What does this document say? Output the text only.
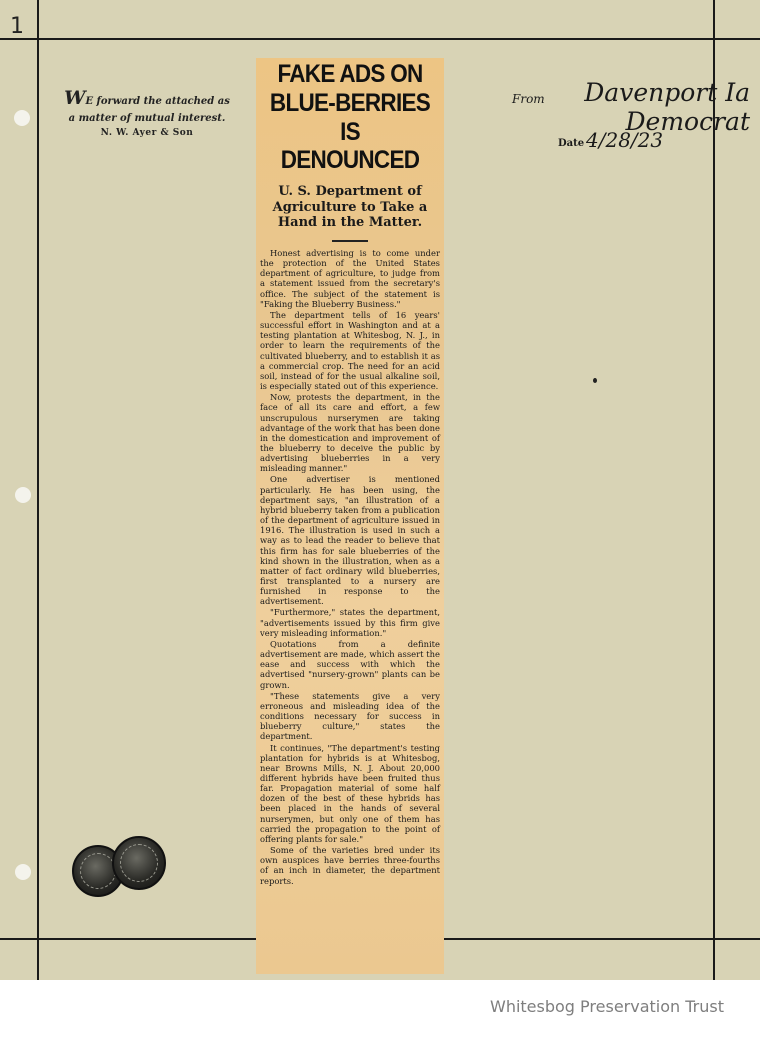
1
WE forward the attached as
a matter of mutual interest.
N. W. Ayer & Son
From	Davenport Ia Democrat
Date 4/28/23
FAKE ADS ON
BLUE-BERRIES
IS DENOUNCED
U. S. Department of Agriculture to Take a Hand in the Matter.

Honest advertising is to come under the protection of the United States department of agriculture, to judge from a statement issued from the secretary's office. The subject of the statement is "Faking the Blueberry Business."

The department tells of 16 years' successful effort in Washington and at a testing plantation at Whitesbog, N. J., in order to learn the requirements of the cultivated blueberry, and to establish it as a commercial crop. The need for an acid soil, instead of for the usual alkaline soil, is especially stated out of this experience.

Now, protests the department, in the face of all its care and effort, a few unscrupulous nurserymen are taking advantage of the work that has been done in the domestication and improvement of the blueberry to deceive the public by advertising blueberries in a very misleading manner."

One advertiser is mentioned particularly. He has been using, the department says, "an illustration of a hybrid blueberry taken from a publication of the department of agriculture issued in 1916. The illustration is used in such a way as to lead the reader to believe that this firm has for sale blueberries of the kind shown in the illustration, when as a matter of fact ordinary wild blueberries, first transplanted to a nursery are furnished in response to the advertisement.

"Furthermore," states the department, "advertisements issued by this firm give very misleading information."

Quotations from a definite advertisement are made, which assert the ease and success with which the advertised "nursery-grown" plants can be grown.

"These statements give a very erroneous and misleading idea of the conditions necessary for success in blueberry culture," states the department.

It continues, "The department's testing plantation for hybrids is at Whitesbog, near Browns Mills, N. J. About 20,000 different hybrids have been fruited thus far. Propagation material of some half dozen of the best of these hybrids has been placed in the hands of several nurserymen, but only one of them has carried the propagation to the point of offering plants for sale."

Some of the varieties bred under its own auspices have berries three-fourths of an inch in diameter, the department reports.

Whitesbog Preservation Trust
